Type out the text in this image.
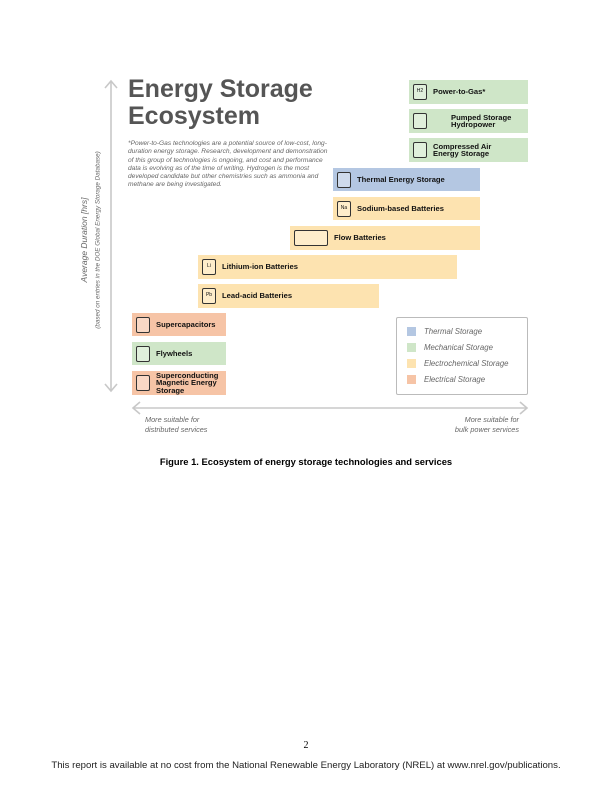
Energy Storage
Ecosystem
*Power-to-Gas technologies are a potential source of low-cost, long-duration energy storage. Research, development and demonstration of this group of technologies is ongoing, and cost and performance data is evolving as of the time of writing. Hydrogen is the most developed candidate but other chemistries such as ammonia and methane are being investigated.
Average Duration [hrs] (based on entries in the DOE Global Energy Storage Database)
H2	Power-to-Gas*
Pumped Storage Hydropower
Compressed Air Energy Storage
Thermal Energy Storage
Na	Sodium-based Batteries
Flow Batteries
Li	Lithium-ion Batteries
Pb	Lead-acid Batteries
Supercapacitors
Flywheels
Superconducting Magnetic Energy Storage
Thermal Storage
Mechanical Storage
Electrochemical Storage
Electrical Storage
More suitable for
distributed services
More suitable for
bulk power services
Figure 1. Ecosystem of energy storage technologies and services
2
This report is available at no cost from the National Renewable Energy Laboratory (NREL) at www.nrel.gov/publications.
